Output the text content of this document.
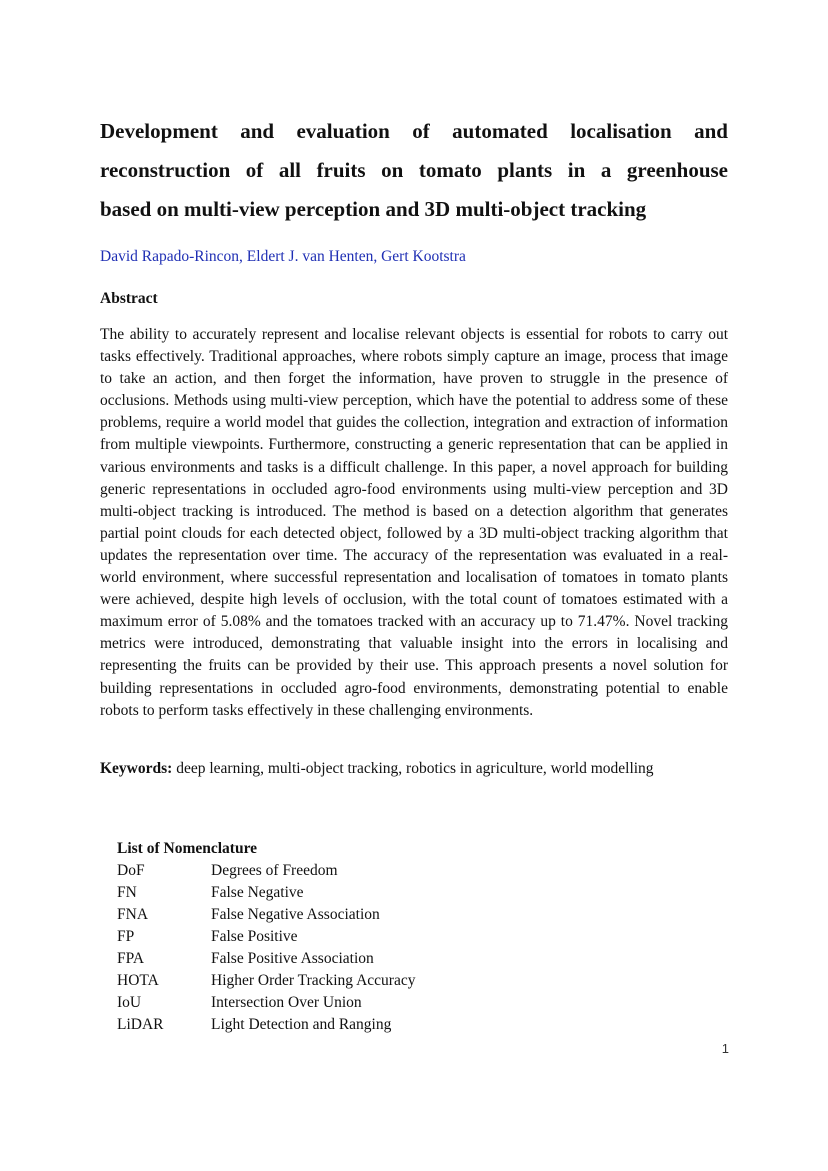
Development and evaluation of automated localisation and
reconstruction of all fruits on tomato plants in a greenhouse
based on multi-view perception and 3D multi-object tracking

David Rapado-Rincon, Eldert J. van Henten, Gert Kootstra

Abstract

The ability to accurately represent and localise relevant objects is essential for robots to carry out tasks effectively. Traditional approaches, where robots simply capture an image, process that image to take an action, and then forget the information, have proven to struggle in the presence of occlusions. Methods using multi-view perception, which have the potential to address some of these problems, require a world model that guides the collection, integration and extraction of information from multiple viewpoints. Furthermore, constructing a generic representation that can be applied in various environments and tasks is a difficult challenge. In this paper, a novel approach for building generic representations in occluded agro-food environments using multi-view perception and 3D multi-object tracking is introduced. The method is based on a detection algorithm that generates partial point clouds for each detected object, followed by a 3D multi-object tracking algorithm that updates the representation over time. The accuracy of the representation was evaluated in a real-world environment, where successful representation and localisation of tomatoes in tomato plants were achieved, despite high levels of occlusion, with the total count of tomatoes estimated with a maximum error of 5.08% and the tomatoes tracked with an accuracy up to 71.47%. Novel tracking metrics were introduced, demonstrating that valuable insight into the errors in localising and representing the fruits can be provided by their use. This approach presents a novel solution for building representations in occluded agro-food environments, demonstrating potential to enable robots to perform tasks effectively in these challenging environments.

Keywords: deep learning, multi-object tracking, robotics in agriculture, world modelling

List of Nomenclature
DoF	Degrees of Freedom
FN	False Negative
FNA	False Negative Association
FP	False Positive
FPA	False Positive Association
HOTA	Higher Order Tracking Accuracy
IoU	Intersection Over Union
LiDAR	Light Detection and Ranging
1
